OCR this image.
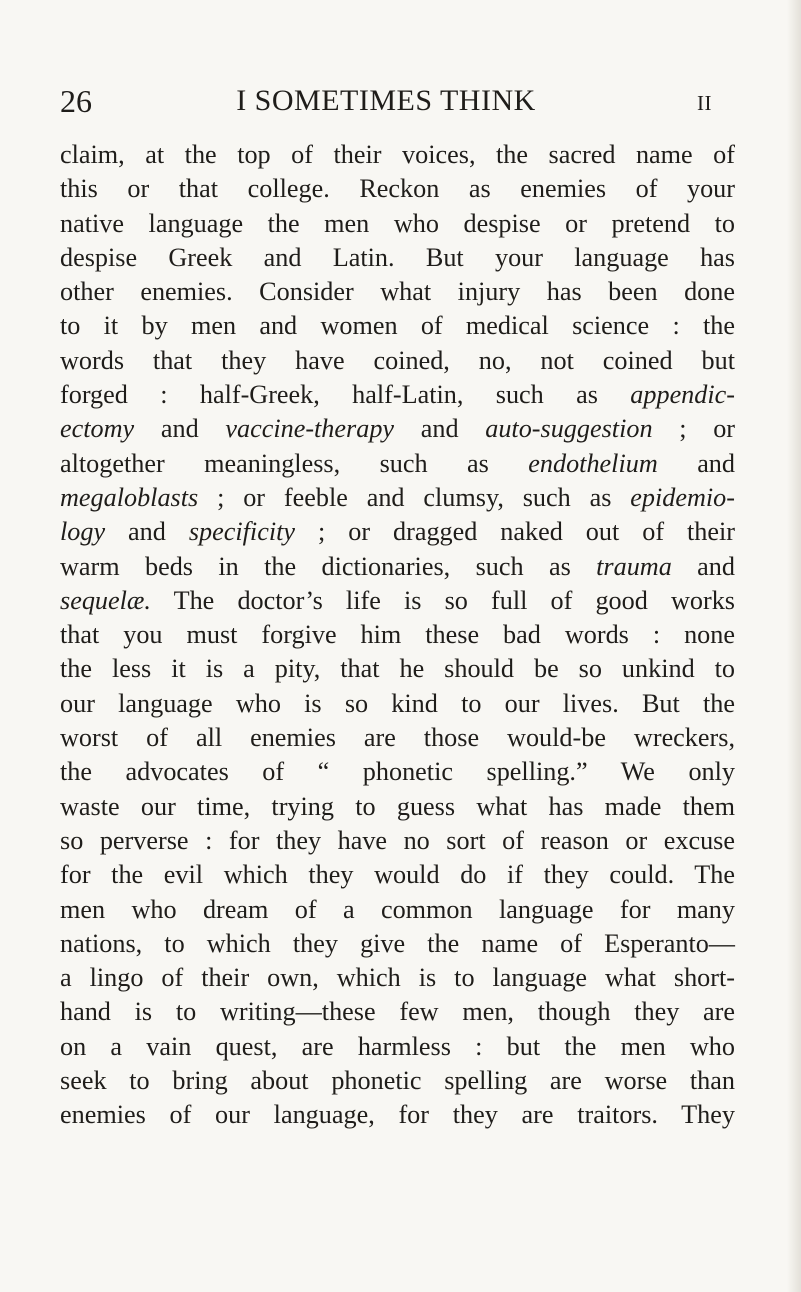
26	I SOMETIMES THINK	II
claim, at the top of their voices, the sacred name of
this or that college. Reckon as enemies of your
native language the men who despise or pretend to
despise Greek and Latin. But your language has
other enemies. Consider what injury has been done
to it by men and women of medical science : the
words that they have coined, no, not coined but
forged : half-Greek, half-Latin, such as appendic-
ectomy and vaccine-therapy and auto-suggestion ; or
altogether meaningless, such as endothelium and
megaloblasts ; or feeble and clumsy, such as epidemio-
logy and specificity ; or dragged naked out of their
warm beds in the dictionaries, such as trauma and
sequelæ. The doctor’s life is so full of good works
that you must forgive him these bad words : none
the less it is a pity, that he should be so unkind to
our language who is so kind to our lives. But the
worst of all enemies are those would-be wreckers,
the advocates of “ phonetic spelling.” We only
waste our time, trying to guess what has made them
so perverse : for they have no sort of reason or excuse
for the evil which they would do if they could. The
men who dream of a common language for many
nations, to which they give the name of Esperanto—
a lingo of their own, which is to language what short-
hand is to writing—these few men, though they are
on a vain quest, are harmless : but the men who
seek to bring about phonetic spelling are worse than
enemies of our language, for they are traitors. They
